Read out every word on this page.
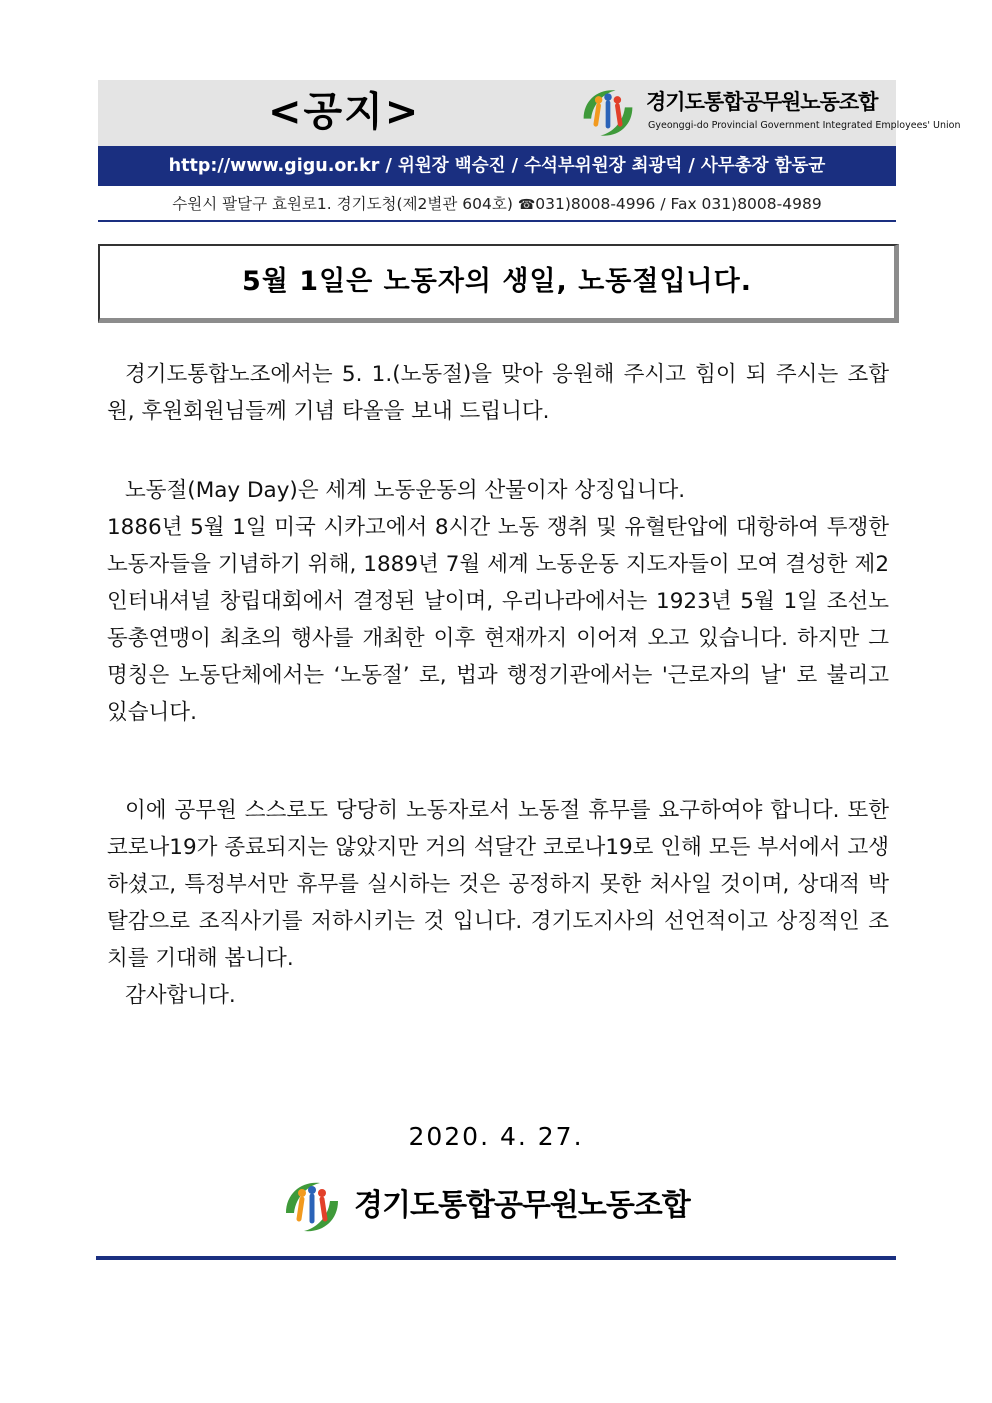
<공지>	경기도통합공무원노동조합
Gyeonggi-do Provincial Government Integrated Employees' Union
http://www.gigu.or.kr / 위원장 백승진 / 수석부위원장 최광덕 / 사무총장 함동균
수원시 팔달구 효원로1. 경기도청(제2별관 604호) ☎031)8008-4996 / Fax 031)8008-4989
5월 1일은 노동자의 생일, 노동절입니다.

경기도통합노조에서는 5. 1.(노동절)을 맞아 응원해 주시고 힘이 되 주시는 조합원, 후원회원님들께 기념 타올을 보내 드립니다.

노동절(May Day)은 세계 노동운동의 산물이자 상징입니다.

1886년 5월 1일 미국 시카고에서 8시간 노동 쟁취 및 유혈탄압에 대항하여 투쟁한 노동자들을 기념하기 위해, 1889년 7월 세계 노동운동 지도자들이 모여 결성한 제2인터내셔널 창립대회에서 결정된 날이며, 우리나라에서는 1923년 5월 1일 조선노동총연맹이 최초의 행사를 개최한 이후 현재까지 이어져 오고 있습니다. 하지만 그 명칭은 노동단체에서는 ‘노동절’ 로, 법과 행정기관에서는 '근로자의 날' 로 불리고 있습니다.

이에 공무원 스스로도 당당히 노동자로서 노동절 휴무를 요구하여야 합니다. 또한 코로나19가 종료되지는 않았지만 거의 석달간 코로나19로 인해 모든 부서에서 고생하셨고, 특정부서만 휴무를 실시하는 것은 공정하지 못한 처사일 것이며, 상대적 박탈감으로 조직사기를 저하시키는 것 입니다. 경기도지사의 선언적이고 상징적인 조치를 기대해 봅니다.

감사합니다.

2020. 4. 27.
경기도통합공무원노동조합
